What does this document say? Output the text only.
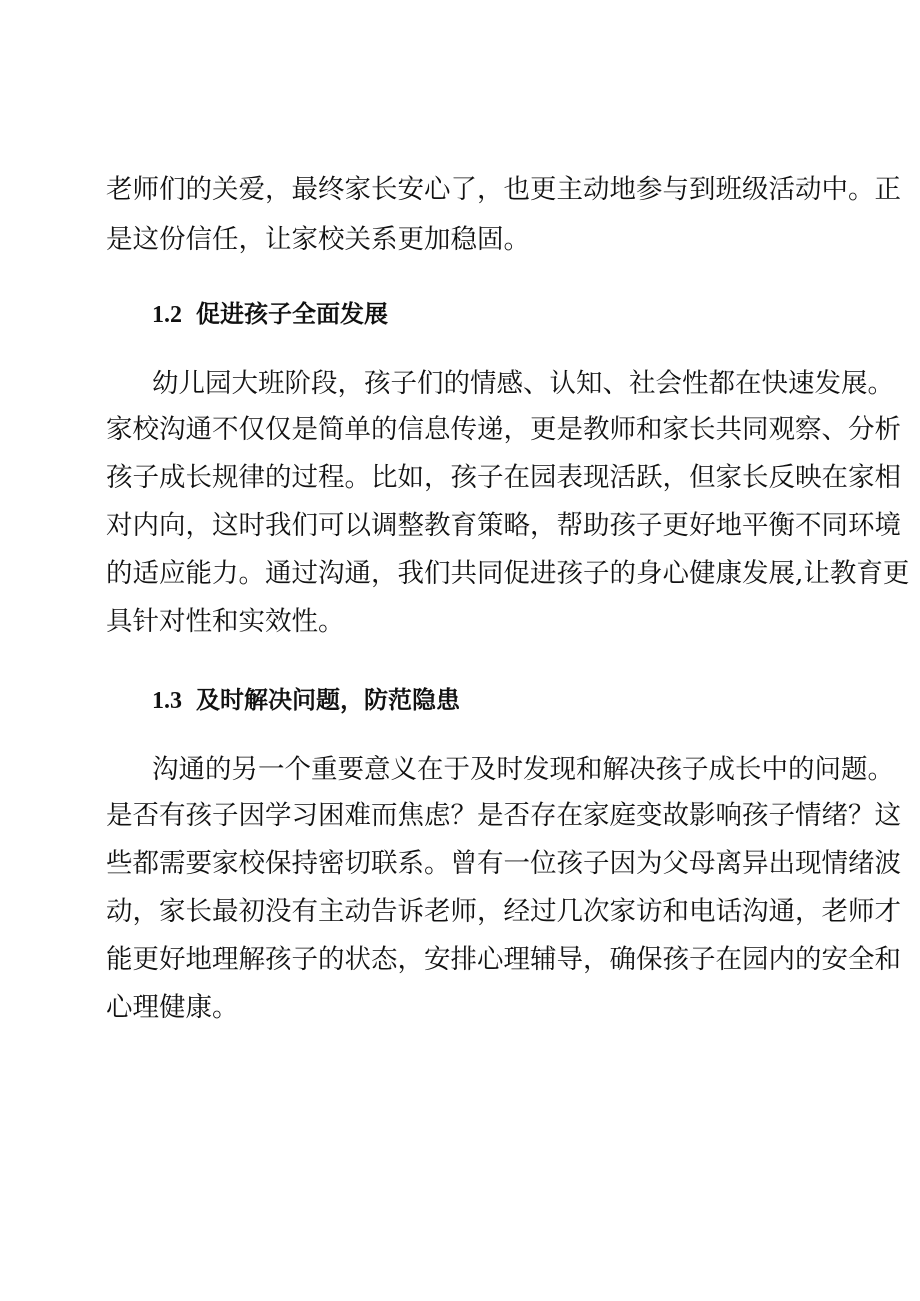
老师们的关爱，最终家长安心了，也更主动地参与到班级活动中。正

是这份信任，让家校关系更加稳固。

1.2 促进孩子全面发展

幼儿园大班阶段，孩子们的情感、认知、社会性都在快速发展。

家校沟通不仅仅是简单的信息传递，更是教师和家长共同观察、分析

孩子成长规律的过程。比如，孩子在园表现活跃，但家长反映在家相

对内向，这时我们可以调整教育策略，帮助孩子更好地平衡不同环境

的适应能力。通过沟通，我们共同促进孩子的身心健康发展,让教育更

具针对性和实效性。

1.3 及时解决问题，防范隐患

沟通的另一个重要意义在于及时发现和解决孩子成长中的问题。

是否有孩子因学习困难而焦虑？是否存在家庭变故影响孩子情绪？这

些都需要家校保持密切联系。曾有一位孩子因为父母离异出现情绪波

动，家长最初没有主动告诉老师，经过几次家访和电话沟通，老师才

能更好地理解孩子的状态，安排心理辅导，确保孩子在园内的安全和

心理健康。
